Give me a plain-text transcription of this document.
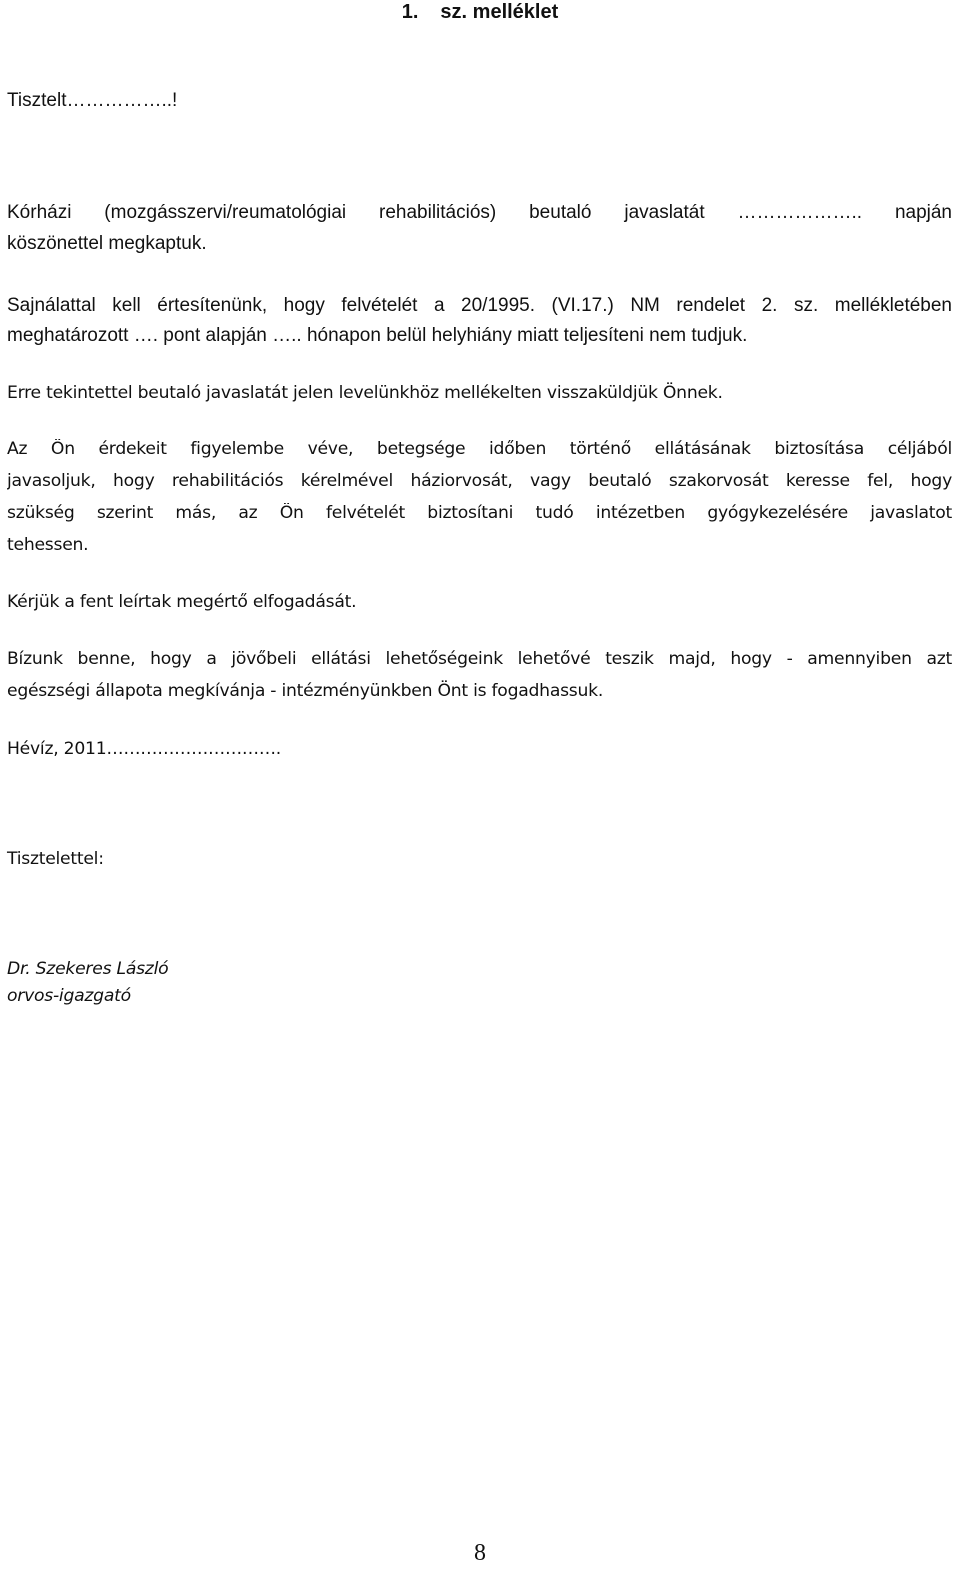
1. sz. melléklet
Tisztelt……………..!
Kórházi (mozgásszervi/reumatológiai rehabilitációs) beutaló javaslatát ……………….. napján
köszönettel megkaptuk.
Sajnálattal kell értesítenünk, hogy felvételét a 20/1995. (VI.17.) NM rendelet 2. sz. mellékletében
meghatározott …. pont alapján ….. hónapon belül helyhiány miatt teljesíteni nem tudjuk.
Erre tekintettel beutaló javaslatát jelen levelünkhöz mellékelten visszaküldjük Önnek.
Az Ön érdekeit figyelembe véve, betegsége időben történő ellátásának biztosítása céljából
javasoljuk, hogy rehabilitációs kérelmével háziorvosát, vagy beutaló szakorvosát keresse fel, hogy
szükség szerint más, az Ön felvételét biztosítani tudó intézetben gyógykezelésére javaslatot
tehessen.
Kérjük a fent leírtak megértő elfogadását.
Bízunk benne, hogy a jövőbeli ellátási lehetőségeink lehetővé teszik majd, hogy - amennyiben azt
egészségi állapota megkívánja - intézményünkben Önt is fogadhassuk.
Hévíz, 2011………………………….
Tisztelettel:
Dr. Szekeres László
orvos-igazgató
8
